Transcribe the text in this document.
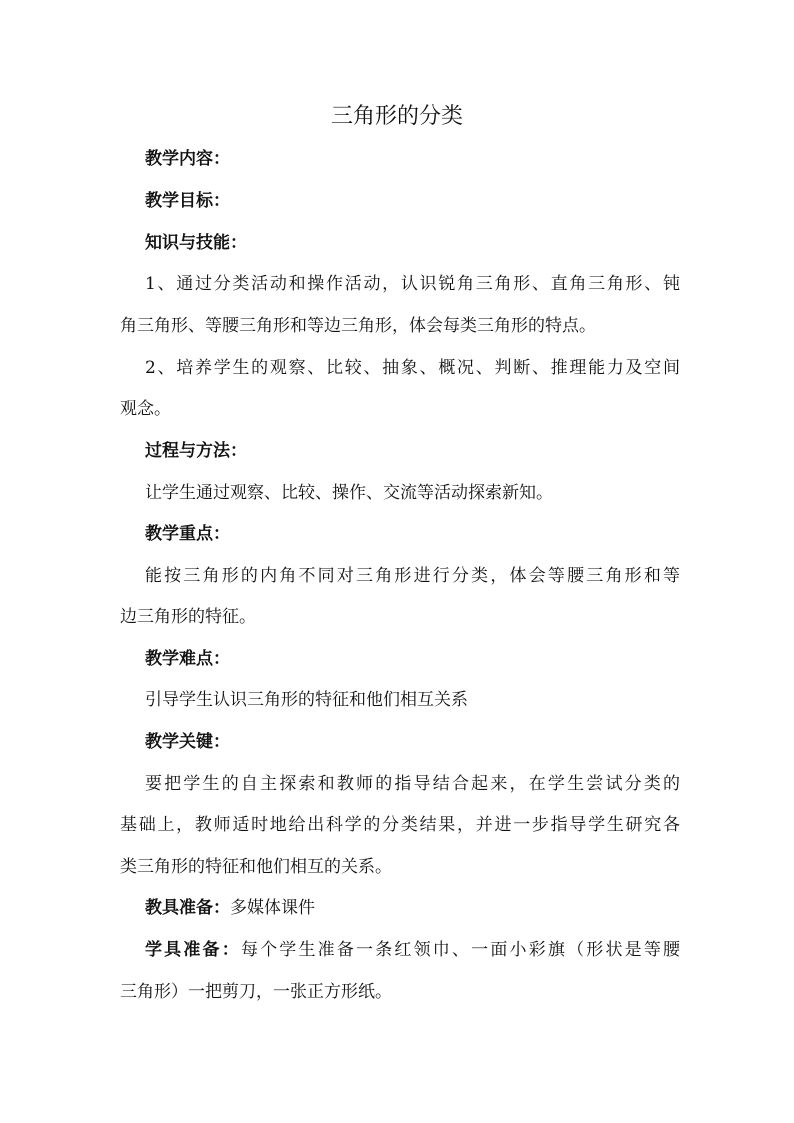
三角形的分类
教学内容：
教学目标：
知识与技能：
1、通过分类活动和操作活动，认识锐角三角形、直角三角形、钝
角三角形、等腰三角形和等边三角形，体会每类三角形的特点。
2、培养学生的观察、比较、抽象、概况、判断、推理能力及空间
观念。
过程与方法：
让学生通过观察、比较、操作、交流等活动探索新知。
教学重点：
能按三角形的内角不同对三角形进行分类，体会等腰三角形和等
边三角形的特征。
教学难点：
引导学生认识三角形的特征和他们相互关系
教学关键：
要把学生的自主探索和教师的指导结合起来，在学生尝试分类的
基础上，教师适时地给出科学的分类结果，并进一步指导学生研究各
类三角形的特征和他们相互的关系。
教具准备：多媒体课件
学具准备：每个学生准备一条红领巾、一面小彩旗（形状是等腰
三角形）一把剪刀，一张正方形纸。
